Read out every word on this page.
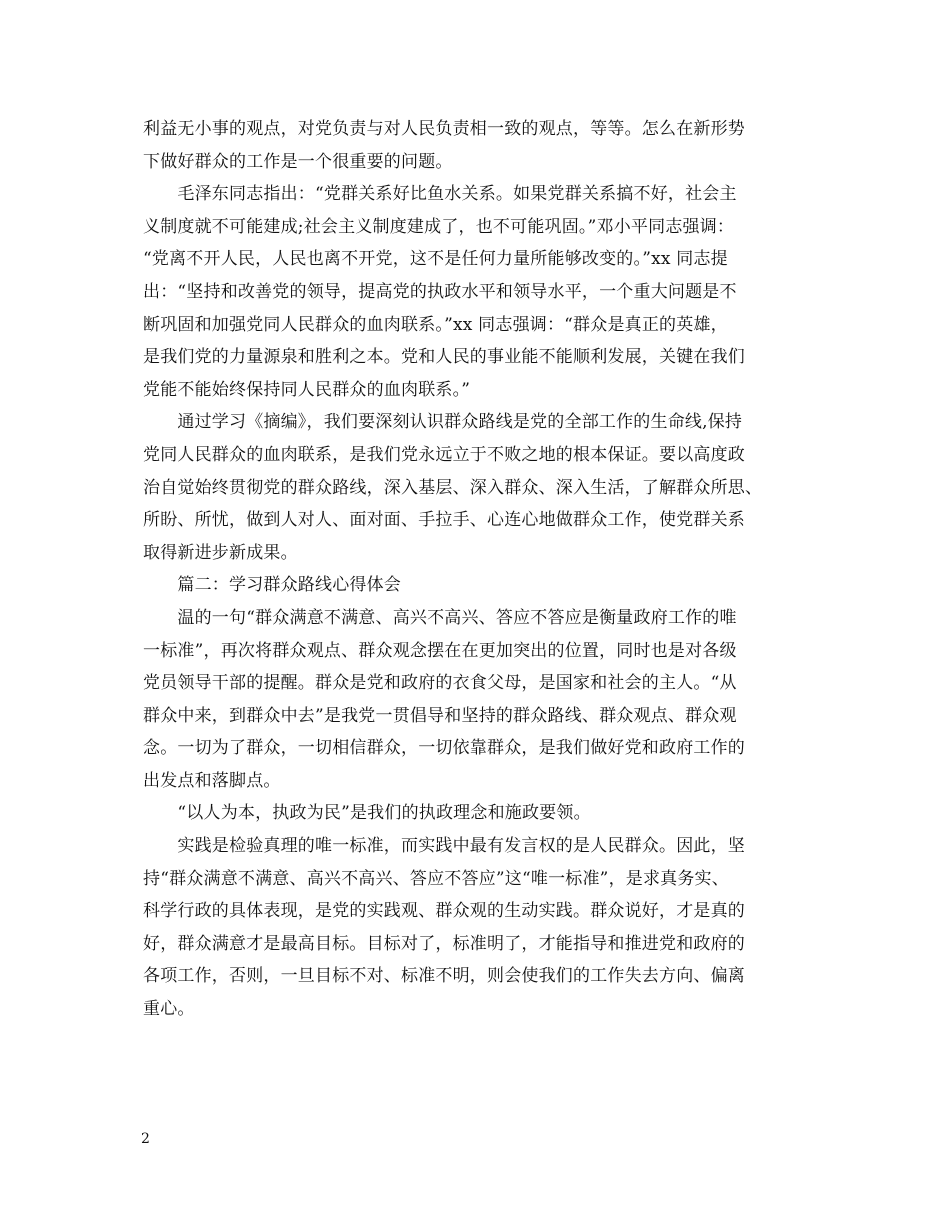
利益无小事的观点，对党负责与对人民负责相一致的观点，等等。怎么在新形势
下做好群众的工作是一个很重要的问题。
　　毛泽东同志指出：“党群关系好比鱼水关系。如果党群关系搞不好，社会主
义制度就不可能建成;社会主义制度建成了，也不可能巩固。”邓小平同志强调：
“党离不开人民，人民也离不开党，这不是任何力量所能够改变的。”xx 同志提
出：“坚持和改善党的领导，提高党的执政水平和领导水平，一个重大问题是不
断巩固和加强党同人民群众的血肉联系。”xx 同志强调：“群众是真正的英雄，
是我们党的力量源泉和胜利之本。党和人民的事业能不能顺利发展，关键在我们
党能不能始终保持同人民群众的血肉联系。”
　　通过学习《摘编》，我们要深刻认识群众路线是党的全部工作的生命线,保持
党同人民群众的血肉联系，是我们党永远立于不败之地的根本保证。要以高度政
治自觉始终贯彻党的群众路线，深入基层、深入群众、深入生活，了解群众所思、
所盼、所忧，做到人对人、面对面、手拉手、心连心地做群众工作，使党群关系
取得新进步新成果。
　　篇二：学习群众路线心得体会
　　温的一句“群众满意不满意、高兴不高兴、答应不答应是衡量政府工作的唯
一标准”，再次将群众观点、群众观念摆在在更加突出的位置，同时也是对各级
党员领导干部的提醒。群众是党和政府的衣食父母，是国家和社会的主人。“从
群众中来，到群众中去”是我党一贯倡导和坚持的群众路线、群众观点、群众观
念。一切为了群众，一切相信群众，一切依靠群众，是我们做好党和政府工作的
出发点和落脚点。
　　“以人为本，执政为民”是我们的执政理念和施政要领。
　　实践是检验真理的唯一标准，而实践中最有发言权的是人民群众。因此，坚
持“群众满意不满意、高兴不高兴、答应不答应”这“唯一标准”，是求真务实、
科学行政的具体表现，是党的实践观、群众观的生动实践。群众说好，才是真的
好，群众满意才是最高目标。目标对了，标准明了，才能指导和推进党和政府的
各项工作，否则，一旦目标不对、标准不明，则会使我们的工作失去方向、偏离
重心。
2
